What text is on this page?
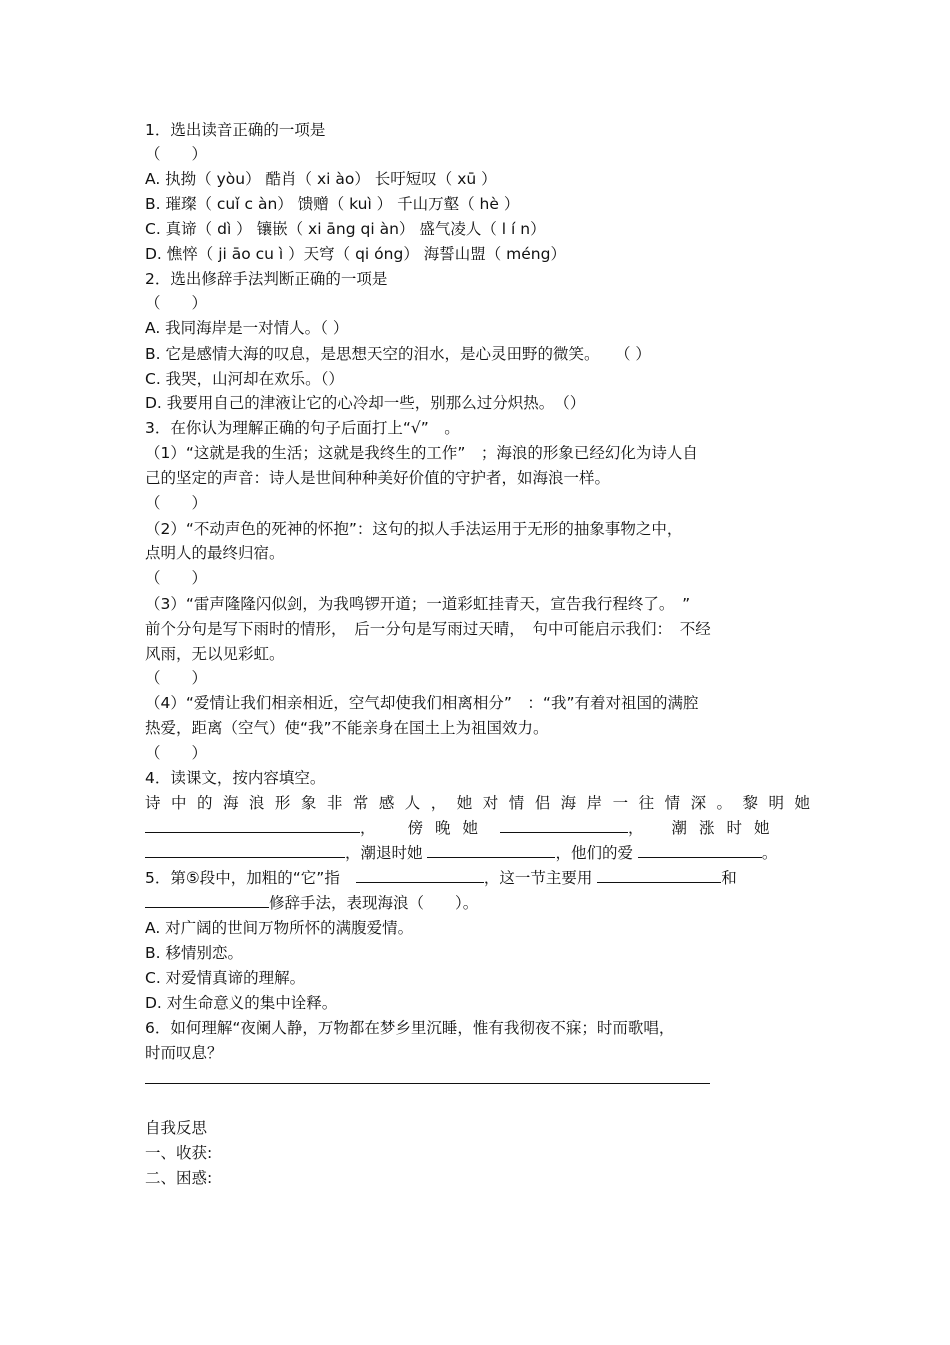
1．选出读音正确的一项是
（　　）
A. 执拗（ yòu） 酷肖（ xi ào） 长吁短叹（ xū ）
B. 璀璨（ cuǐ c àn） 馈赠（ kuì ） 千山万壑（ hè ）
C. 真谛（ dì ） 镶嵌（ xi āng qi àn） 盛气凌人（ l í n）
D. 憔悴（ ji āo cu ì ）天穹（ qi óng） 海誓山盟（ méng）
2．选出修辞手法判断正确的一项是
（　　）
A. 我同海岸是一对情人。（ ）
B. 它是感情大海的叹息，是思想天空的泪水，是心灵田野的微笑。　　（ ）
C. 我哭，山河却在欢乐。（）
D. 我要用自己的津液让它的心冷却一些，别那么过分炽热。　（）
3．在你认为理解正确的句子后面打上“√”　。
（1）“这就是我的生活；这就是我终生的工作”　；海浪的形象已经幻化为诗人自
己的坚定的声音：诗人是世间种种美好价值的守护者，如海浪一样。
（　　）
（2）“不动声色的死神的怀抱”：这句的拟人手法运用于无形的抽象事物之中，
点明人的最终归宿。
（　　）
（3）“雷声隆隆闪似剑，为我鸣锣开道；一道彩虹挂青天，宣告我行程终了。　”
前个分句是写下雨时的情形，　后一分句是写雨过天晴，　句中可能启示我们：　不经
风雨，无以见彩虹。
（　　）
（4）“爱情让我们相亲相近，空气却使我们相离相分”　：“我”有着对祖国的满腔
热爱，距离（空气）使“我”不能亲身在国土上为祖国效力。
（　　）
4．读课文，按内容填空。
诗中的海浪形象非常感人，她对情侣海岸一往情深。黎明她
， 傍晚她	， 潮涨时她
，潮退时她	，他们的爱	。
5．第⑤段中，加粗的“它”指	，这一节主要用	和
修辞手法，表现海浪（　　）。
A. 对广阔的世间万物所怀的满腹爱情。
B. 移情别恋。
C. 对爱情真谛的理解。
D. 对生命意义的集中诠释。
6．如何理解“夜阑人静，万物都在梦乡里沉睡，惟有我彻夜不寐；时而歌唱，
时而叹息？
自我反思
一、收获:
二、困惑:
